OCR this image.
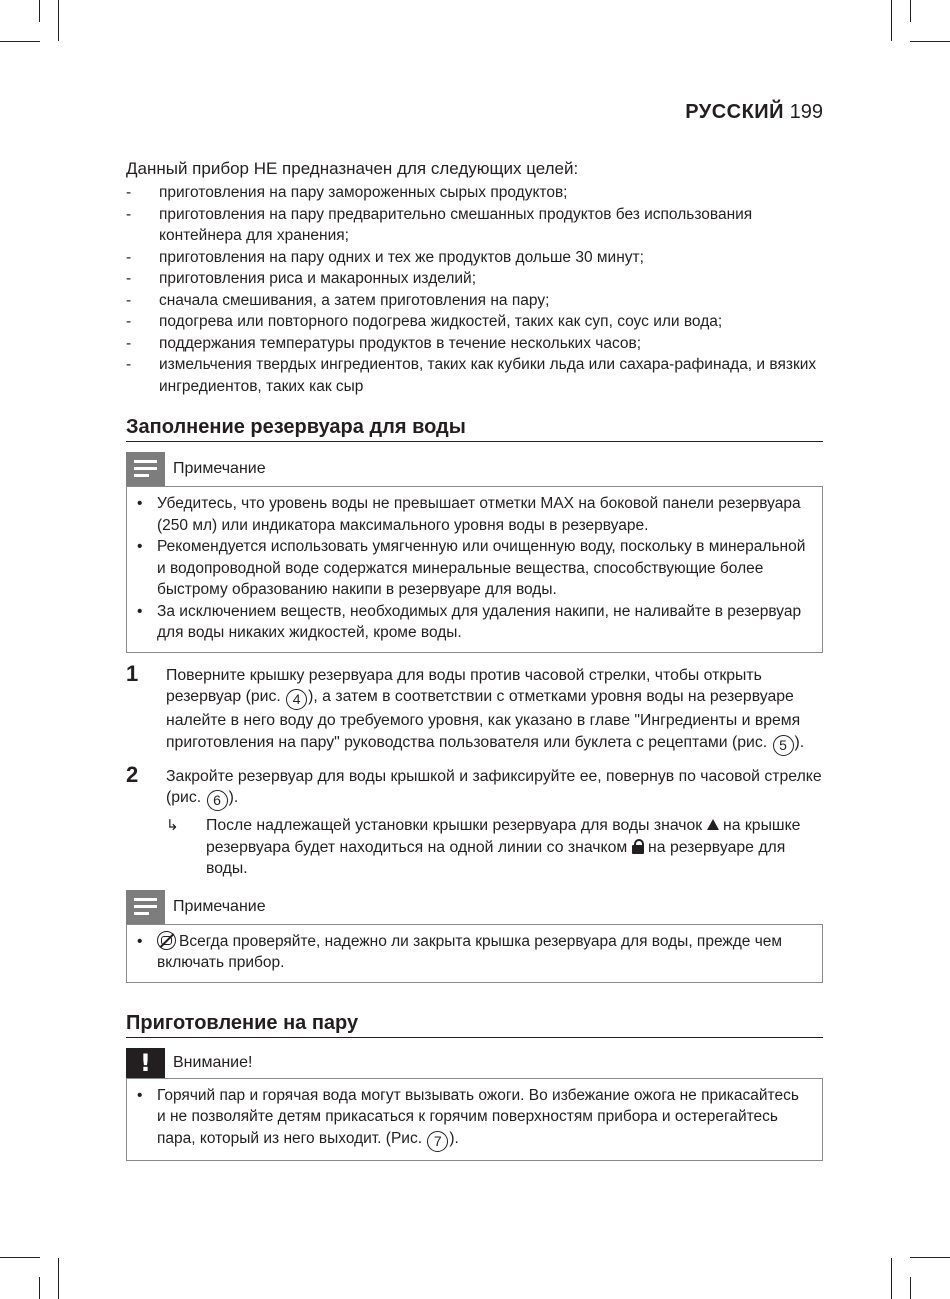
РУССКИЙ 199

Данный прибор НЕ предназначен для следующих целей:

- приготовления на пару замороженных сырых продуктов;
- приготовления на пару предварительно смешанных продуктов без использования контейнера для хранения;
- приготовления на пару одних и тех же продуктов дольше 30 минут;
- приготовления риса и макаронных изделий;
- сначала смешивания, а затем приготовления на пару;
- подогрева или повторного подогрева жидкостей, таких как суп, соус или вода;
- поддержания температуры продуктов в течение нескольких часов;
- измельчения твердых ингредиентов, таких как кубики льда или сахара-рафинада, и вязких ингредиентов, таких как сыр
Заполнение резервуара для воды
Примечание
• Убедитесь, что уровень воды не превышает отметки MAX на боковой панели резервуара (250 мл) или индикатора максимального уровня воды в резервуаре.
• Рекомендуется использовать умягченную или очищенную воду, поскольку в минеральной и водопроводной воде содержатся минеральные вещества, способствующие более быстрому образованию накипи в резервуаре для воды.
• За исключением веществ, необходимых для удаления накипи, не наливайте в резервуар для воды никаких жидкостей, кроме воды.
1 Поверните крышку резервуара для воды против часовой стрелки, чтобы открыть резервуар (рис. 4 ), а затем в соответствии с отметками уровня воды на резервуаре налейте в него воду до требуемого уровня, как указано в главе "Ингредиенты и время приготовления на пару" руководства пользователя или буклета с рецептами (рис. 5 ).
2 Закройте резервуар для воды крышкой и зафиксируйте ее, повернув по часовой стрелке (рис. 6 ).
↳ После надлежащей установки крышки резервуара для воды значок на крышке резервуара будет находиться на одной линии со значком на резервуаре для воды.
Примечание
• Всегда проверяйте, надежно ли закрыта крышка резервуара для воды, прежде чем включать прибор.
Приготовление на пару
!	Внимание!
• Горячий пар и горячая вода могут вызывать ожоги. Во избежание ожога не прикасайтесь и не позволяйте детям прикасаться к горячим поверхностям прибора и остерегайтесь пара, который из него выходит. (Рис. 7 ).
